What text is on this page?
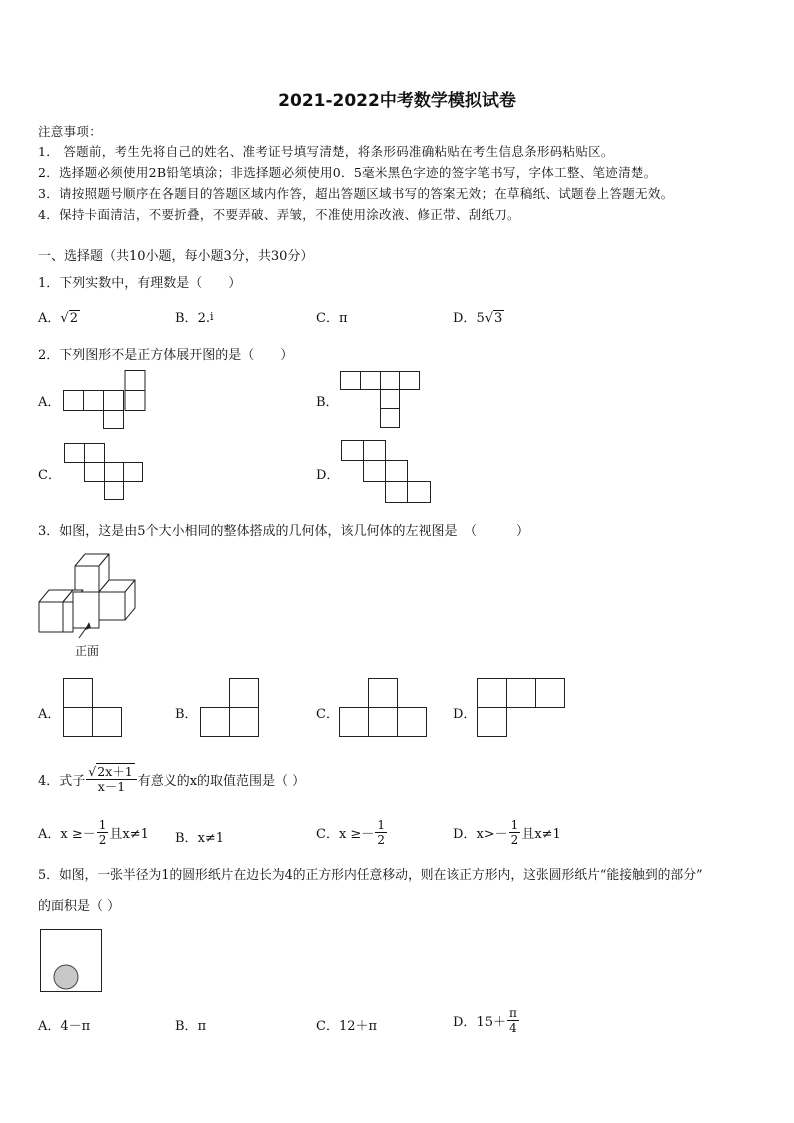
2021-2022中考数学模拟试卷
注意事项：
1． 答题前，考生先将自己的姓名、准考证号填写清楚，将条形码准确粘贴在考生信息条形码粘贴区。
2．选择题必须使用2B铅笔填涂；非选择题必须使用0．5毫米黑色字迹的签字笔书写，字体工整、笔迹清楚。
3．请按照题号顺序在各题目的答题区域内作答，超出答题区域书写的答案无效；在草稿纸、试题卷上答题无效。
4．保持卡面清洁，不要折叠，不要弄破、弄皱，不准使用涂改液、修正带、刮纸刀。
一、选择题（共10小题，每小题3分，共30分）
1．下列实数中，有理数是（　　）
A．√2	B．2.i	C．π	D．5√3
2．下列图形不是正方体展开图的是（　　）
A．	B．
C．	D．
3．如图，这是由5个大小相同的整体搭成的几何体，该几何体的左视图是　（　　　）
正面
A．	B．	C．	D．
4．式子 $\frac{√2x+1}{x-1}$ 有意义的x的取值范围是（ ）
A．$x \ge- \frac{1}{2}$ 且x≠1 B．x≠1	C．$x \ge- \frac{1}{2}$	D．$x>- \frac{1}{2}$ 且x≠1
5．如图，一张半径为1的圆形纸片在边长为4的正方形内任意移动，则在该正方形内，这张圆形纸片“能接触到的部分”
的面积是（ ）
A．4－π	B．π	C．12＋π	D．$15+ \frac{\pi}{4}$
